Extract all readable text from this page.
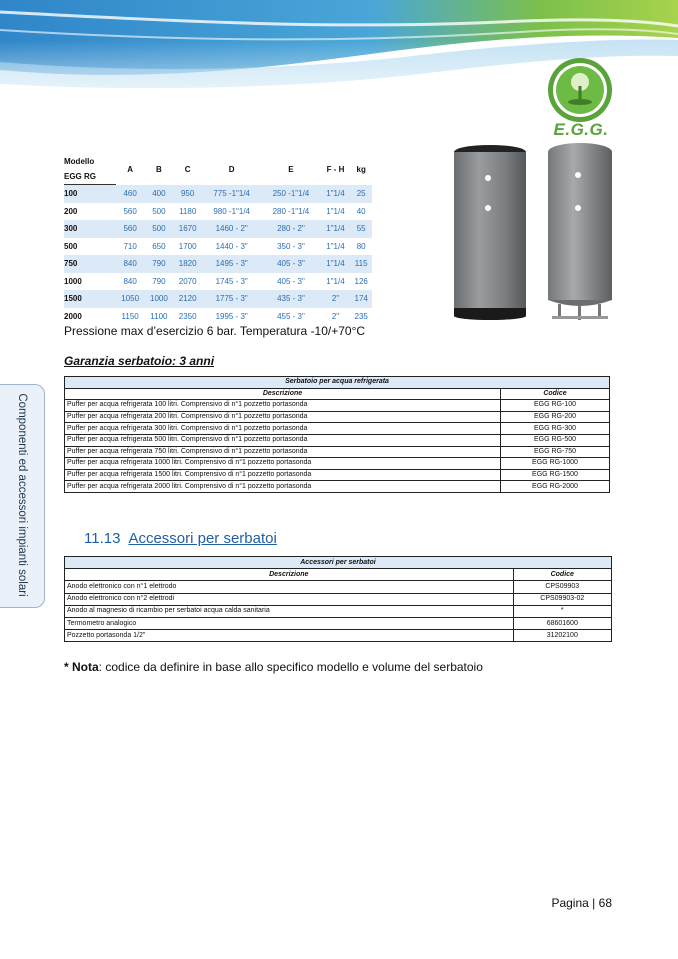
E.G.G.
Modello	A	B	C	D	E	F - H	kg
EGG RG							
100	460	400	950	775 -1"1/4	250 -1"1/4	1"1/4	25
200	560	500	1180	980 -1"1/4	280 -1"1/4	1"1/4	40
300	560	500	1670	1460 - 2"	280 - 2"	1"1/4	55
500	710	650	1700	1440 - 3"	350 - 3"	1"1/4	80
750	840	790	1820	1495 - 3"	405 - 3"	1"1/4	115
1000	840	790	2070	1745 - 3"	405 - 3"	1"1/4	126
1500	1050	1000	2120	1775 - 3"	435 - 3"	2"	174
2000	1150	1100	2350	1995 - 3"	455 - 3"	2"	235
Pressione max d’esercizio 6 bar. Temperatura -10/+70°C
Garanzia serbatoio: 3 anni
Serbatoio per acqua refrigerata	
Descrizione	Codice
Puffer per acqua refrigerata 100 litri. Comprensivo di n°1 pozzetto portasonda	EGG RG-100
Puffer per acqua refrigerata 200 litri. Comprensivo di n°1 pozzetto portasonda	EGG RG-200
Puffer per acqua refrigerata 300 litri. Comprensivo di n°1 pozzetto portasonda	EGG RG-300
Puffer per acqua refrigerata 500 litri. Comprensivo di n°1 pozzetto portasonda	EGG RG-500
Puffer per acqua refrigerata 750 litri. Comprensivo di n°1 pozzetto portasonda	EGG RG-750
Puffer per acqua refrigerata 1000 litri. Comprensivo di n°1 pozzetto portasonda	EGG RG-1000
Puffer per acqua refrigerata 1500 litri. Comprensivo di n°1 pozzetto portasonda	EGG RG-1500
Puffer per acqua refrigerata 2000 litri. Comprensivo di n°1 pozzetto portasonda	EGG RG-2000
11.13 Accessori per serbatoi
Accessori per serbatoi	
Descrizione	Codice
Anodo elettronico con n°1 elettrodo	CPS09903
Anodo elettronico con n°2 elettrodi	CPS09903-02
Anodo al magnesio di ricambio per serbatoi acqua calda sanitaria	*
Termometro analogico	68601600
Pozzetto portasonda 1/2"	31202100
* Nota: codice da definire in base allo specifico modello e volume del serbatoio
Componenti ed accessori impianti solari
Pagina | 68
